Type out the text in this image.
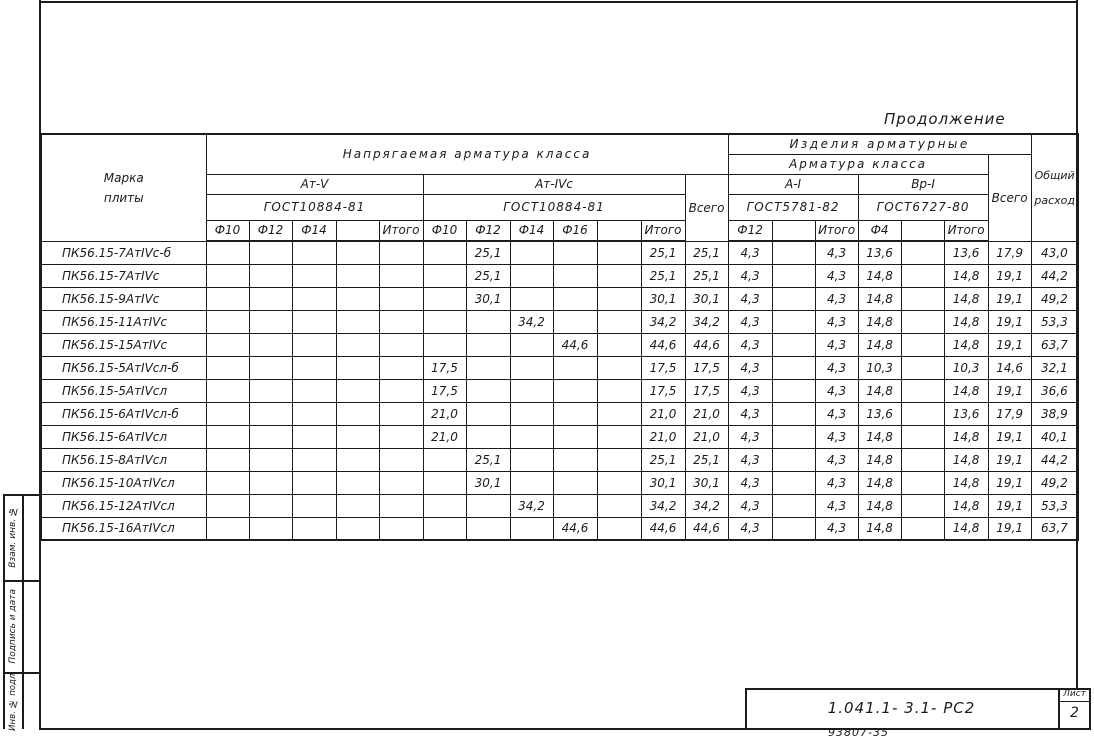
Взам. инв. №
Подпись и дата
Инв. № подл.
Продолжение
Марка плиты	Напрягаемая арматура класса												Изделия арматурные							Общий расход
													Арматура класса						Всего	
	Ат-V					Ат-IVс						Всего	А-I			Вр-I				
	ГОСТ10884-81					ГОСТ10884-81							ГОСТ5781-82			ГОСТ6727-80				
	Ф10	Ф12	Ф14		Итого	Ф10	Ф12	Ф14	Ф16		Итого		Ф12		Итого	Ф4		Итого		
ПК56.15-7АтIVс-б							25,1				25,1	25,1	4,3		4,3	13,6		13,6	17,9	43,0
ПК56.15-7АтIVс							25,1				25,1	25,1	4,3		4,3	14,8		14,8	19,1	44,2
ПК56.15-9АтIVс							30,1				30,1	30,1	4,3		4,3	14,8		14,8	19,1	49,2
ПК56.15-11АтIVс								34,2			34,2	34,2	4,3		4,3	14,8		14,8	19,1	53,3
ПК56.15-15АтIVс									44,6		44,6	44,6	4,3		4,3	14,8		14,8	19,1	63,7
ПК56.15-5АтIVсл-б						17,5					17,5	17,5	4,3		4,3	10,3		10,3	14,6	32,1
ПК56.15-5АтIVсл						17,5					17,5	17,5	4,3		4,3	14,8		14,8	19,1	36,6
ПК56.15-6АтIVсл-б						21,0					21,0	21,0	4,3		4,3	13,6		13,6	17,9	38,9
ПК56.15-6АтIVсл						21,0					21,0	21,0	4,3		4,3	14,8		14,8	19,1	40,1
ПК56.15-8АтIVсл							25,1				25,1	25,1	4,3		4,3	14,8		14,8	19,1	44,2
ПК56.15-10АтIVсл							30,1				30,1	30,1	4,3		4,3	14,8		14,8	19,1	49,2
ПК56.15-12АтIVсл								34,2			34,2	34,2	4,3		4,3	14,8		14,8	19,1	53,3
ПК56.15-16АтIVсл									44,6		44,6	44,6	4,3		4,3	14,8		14,8	19,1	63,7
1.041.1- 3.1- РС2
Лист
2
93807-35
